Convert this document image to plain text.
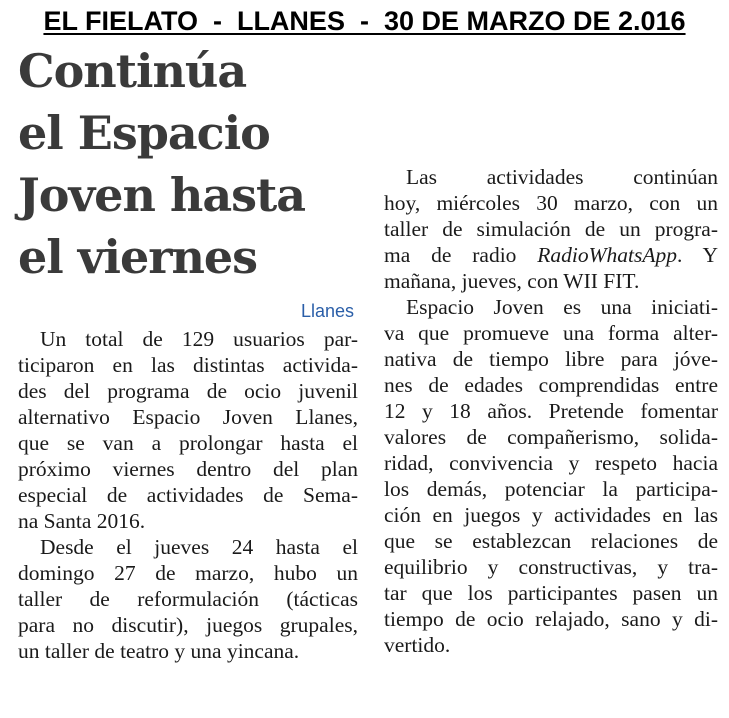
EL FIELATO  -  LLANES  -  30 DE MARZO DE 2.016
Continúa
el Espacio
Joven hasta
el viernes
Llanes
Un total de 129 usuarios par-
ticiparon en las distintas activida-
des del programa de ocio juvenil
alternativo Espacio Joven Llanes,
que se van a prolongar hasta el
próximo viernes dentro del plan
especial de actividades de Sema-
na Santa 2016.
Desde el jueves 24 hasta el
domingo 27 de marzo, hubo un
taller de reformulación (tácticas
para no discutir), juegos grupales,
un taller de teatro y una yincana.
Las actividades continúan
hoy, miércoles 30 marzo, con un
taller de simulación de un progra-
ma de radio RadioWhatsApp. Y
mañana, jueves, con WII FIT.
Espacio Joven es una iniciati-
va que promueve una forma alter-
nativa de tiempo libre para jóve-
nes de edades comprendidas entre
12 y 18 años. Pretende fomentar
valores de compañerismo, solida-
ridad, convivencia y respeto hacia
los demás, potenciar la participa-
ción en juegos y actividades en las
que se establezcan relaciones de
equilibrio y constructivas, y tra-
tar que los participantes pasen un
tiempo de ocio relajado, sano y di-
vertido.
